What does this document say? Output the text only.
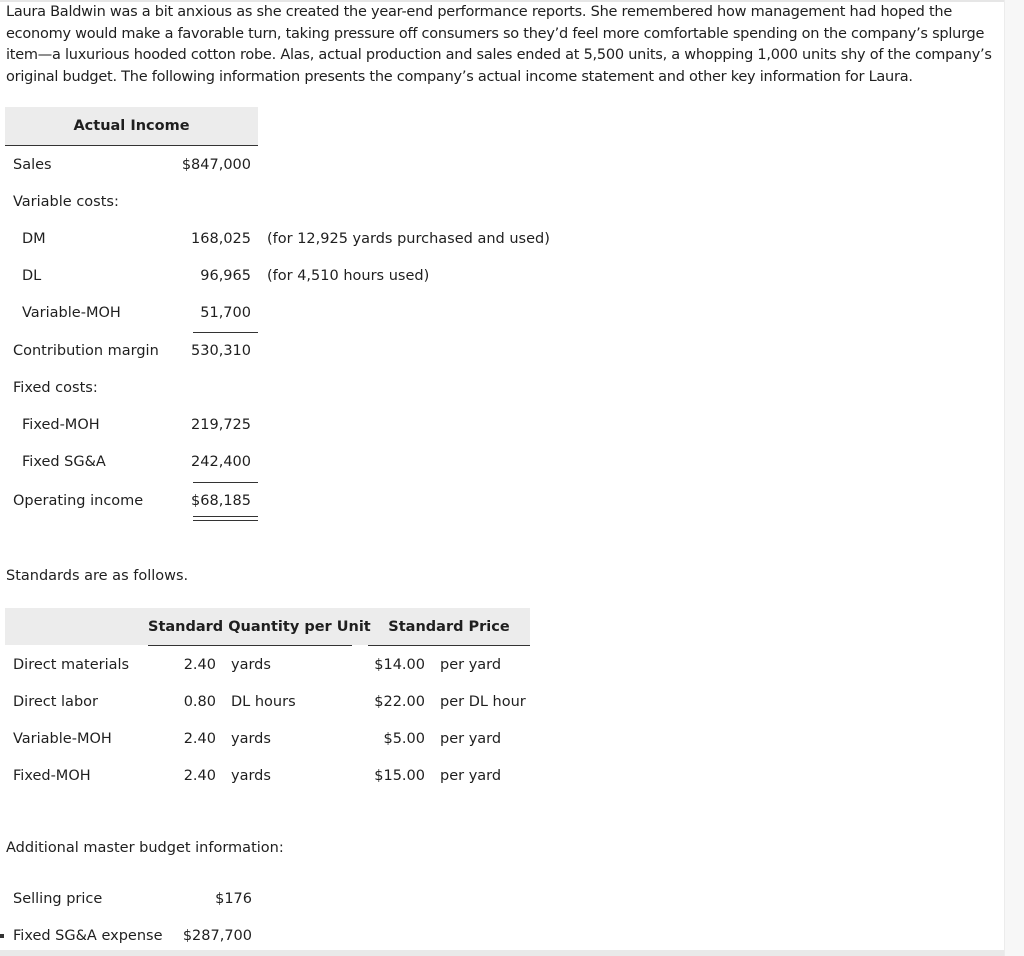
Laura Baldwin was a bit anxious as she created the year-end performance reports. She remembered how management had hoped the economy would make a favorable turn, taking pressure off consumers so they’d feel more comfortable spending on the company’s splurge item—a luxurious hooded cotton robe. Alas, actual production and sales ended at 5,500 units, a whopping 1,000 units shy of the company’s original budget. The following information presents the company’s actual income statement and other key information for Laura.

Actual Income
Sales	$847,000
Variable costs:
DM	168,025 (for 12,925 yards purchased and used)
DL	96,965 (for 4,510 hours used)
Variable-MOH	51,700
Contribution margin	530,310
Fixed costs:
Fixed-MOH	219,725
Fixed SG&A	242,400
Operating income	$68,185
Standards are as follows.
Standard Quantity per Unit	Standard Price
Direct materials	2.40 yards	$14.00 per yard
Direct labor	0.80 DL hours	$22.00 per DL hour
Variable-MOH	2.40 yards	$5.00 per yard
Fixed-MOH	2.40 yards	$15.00 per yard
Additional master budget information:
Selling price	$176
Fixed SG&A expense	$287,700
